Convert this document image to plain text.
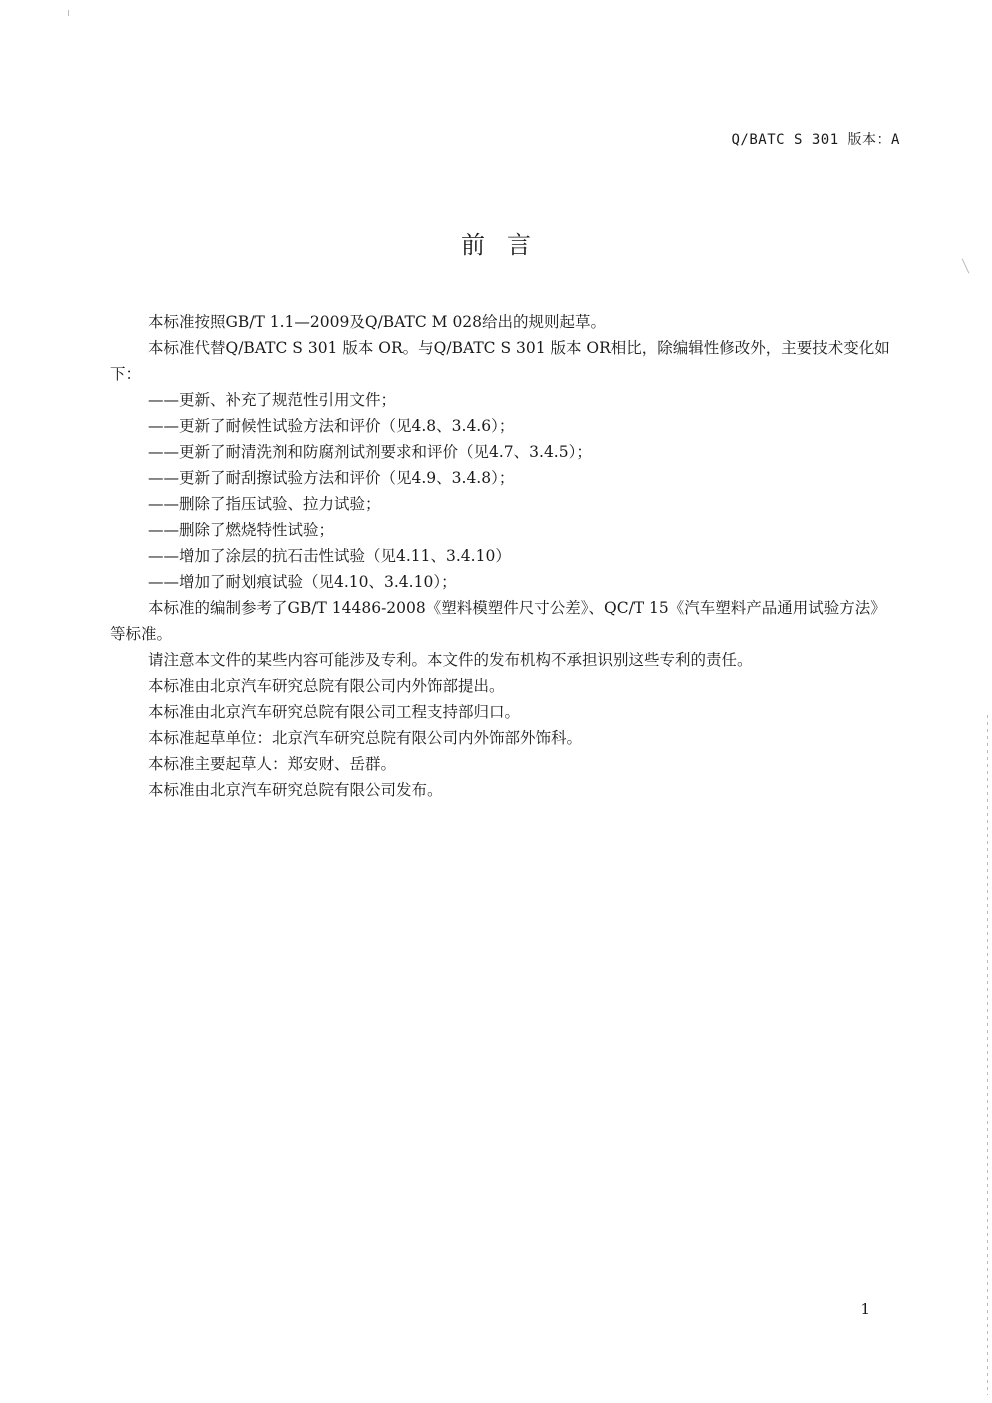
Q/BATC S 301 版本：A
前言

本标准按照GB/T 1.1—2009及Q/BATC M 028给出的规则起草。

本标准代替Q/BATC S 301 版本 OR。与Q/BATC S 301 版本 OR相比，除编辑性修改外，主要技术变化如下：

——更新、补充了规范性引用文件；

——更新了耐候性试验方法和评价（见4.8、3.4.6）；

——更新了耐清洗剂和防腐剂试剂要求和评价（见4.7、3.4.5）；

——更新了耐刮擦试验方法和评价（见4.9、3.4.8）；

——删除了指压试验、拉力试验；

——删除了燃烧特性试验；

——增加了涂层的抗石击性试验（见4.11、3.4.10）

——增加了耐划痕试验（见4.10、3.4.10）；

本标准的编制参考了GB/T 14486-2008《塑料模塑件尺寸公差》、QC/T 15《汽车塑料产品通用试验方法》等标准。

请注意本文件的某些内容可能涉及专利。本文件的发布机构不承担识别这些专利的责任。

本标准由北京汽车研究总院有限公司内外饰部提出。

本标准由北京汽车研究总院有限公司工程支持部归口。

本标准起草单位：北京汽车研究总院有限公司内外饰部外饰科。

本标准主要起草人：郑安财、岳群。

本标准由北京汽车研究总院有限公司发布。

1
